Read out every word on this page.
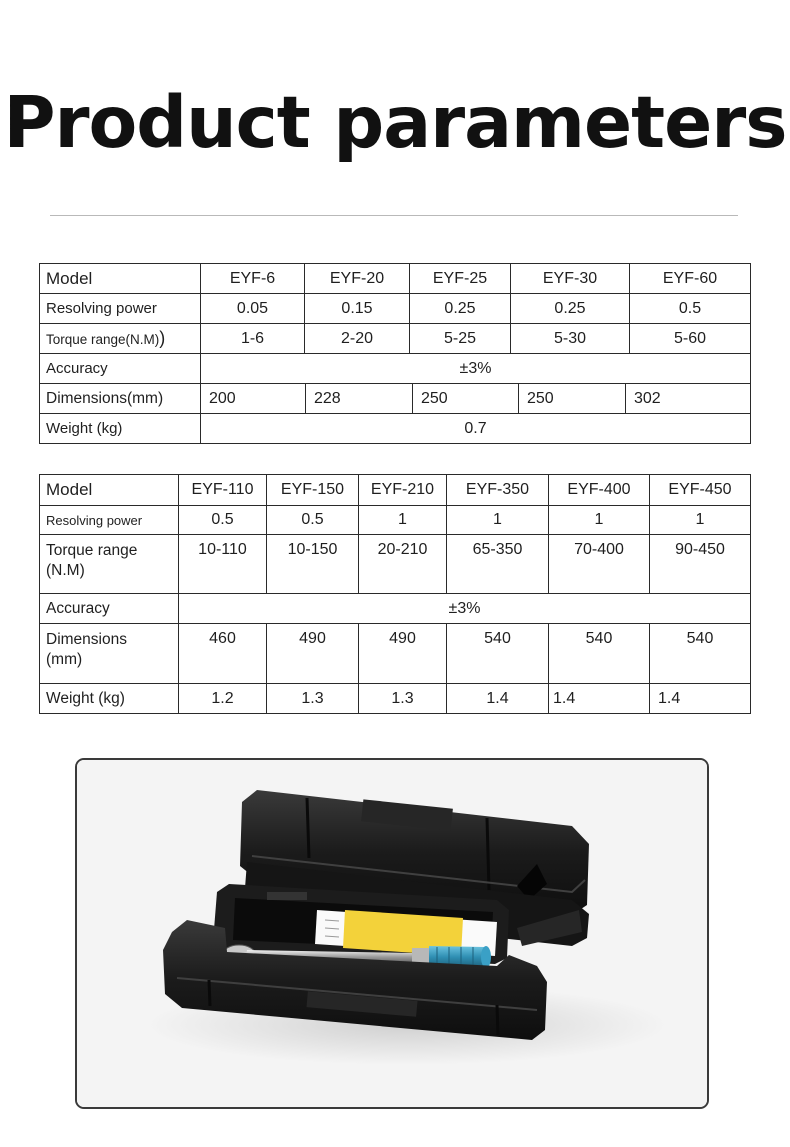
Product parameters
Model	EYF-6	EYF-20	EYF-25	EYF-30	EYF-60
Resolving power	0.05	0.15	0.25	0.25	0.5
Torque range(N.M))	1-6	2-20	5-25	5-30	5-60
Accuracy	±3%				
Dimensions(mm)	200	228	250	250	302
Weight (kg)	0.7				
Model	EYF-110	EYF-150	EYF-210	EYF-350	EYF-400	EYF-450
Resolving power	0.5	0.5	1	1	1	1
Torque range (N.M)	10-110	10-150	20-210	65-350	70-400	90-450
Accuracy	±3%					
Dimensions (mm)	460	490	490	540	540	540
Weight (kg)	1.2	1.3	1.3	1.4	1.4	1.4
